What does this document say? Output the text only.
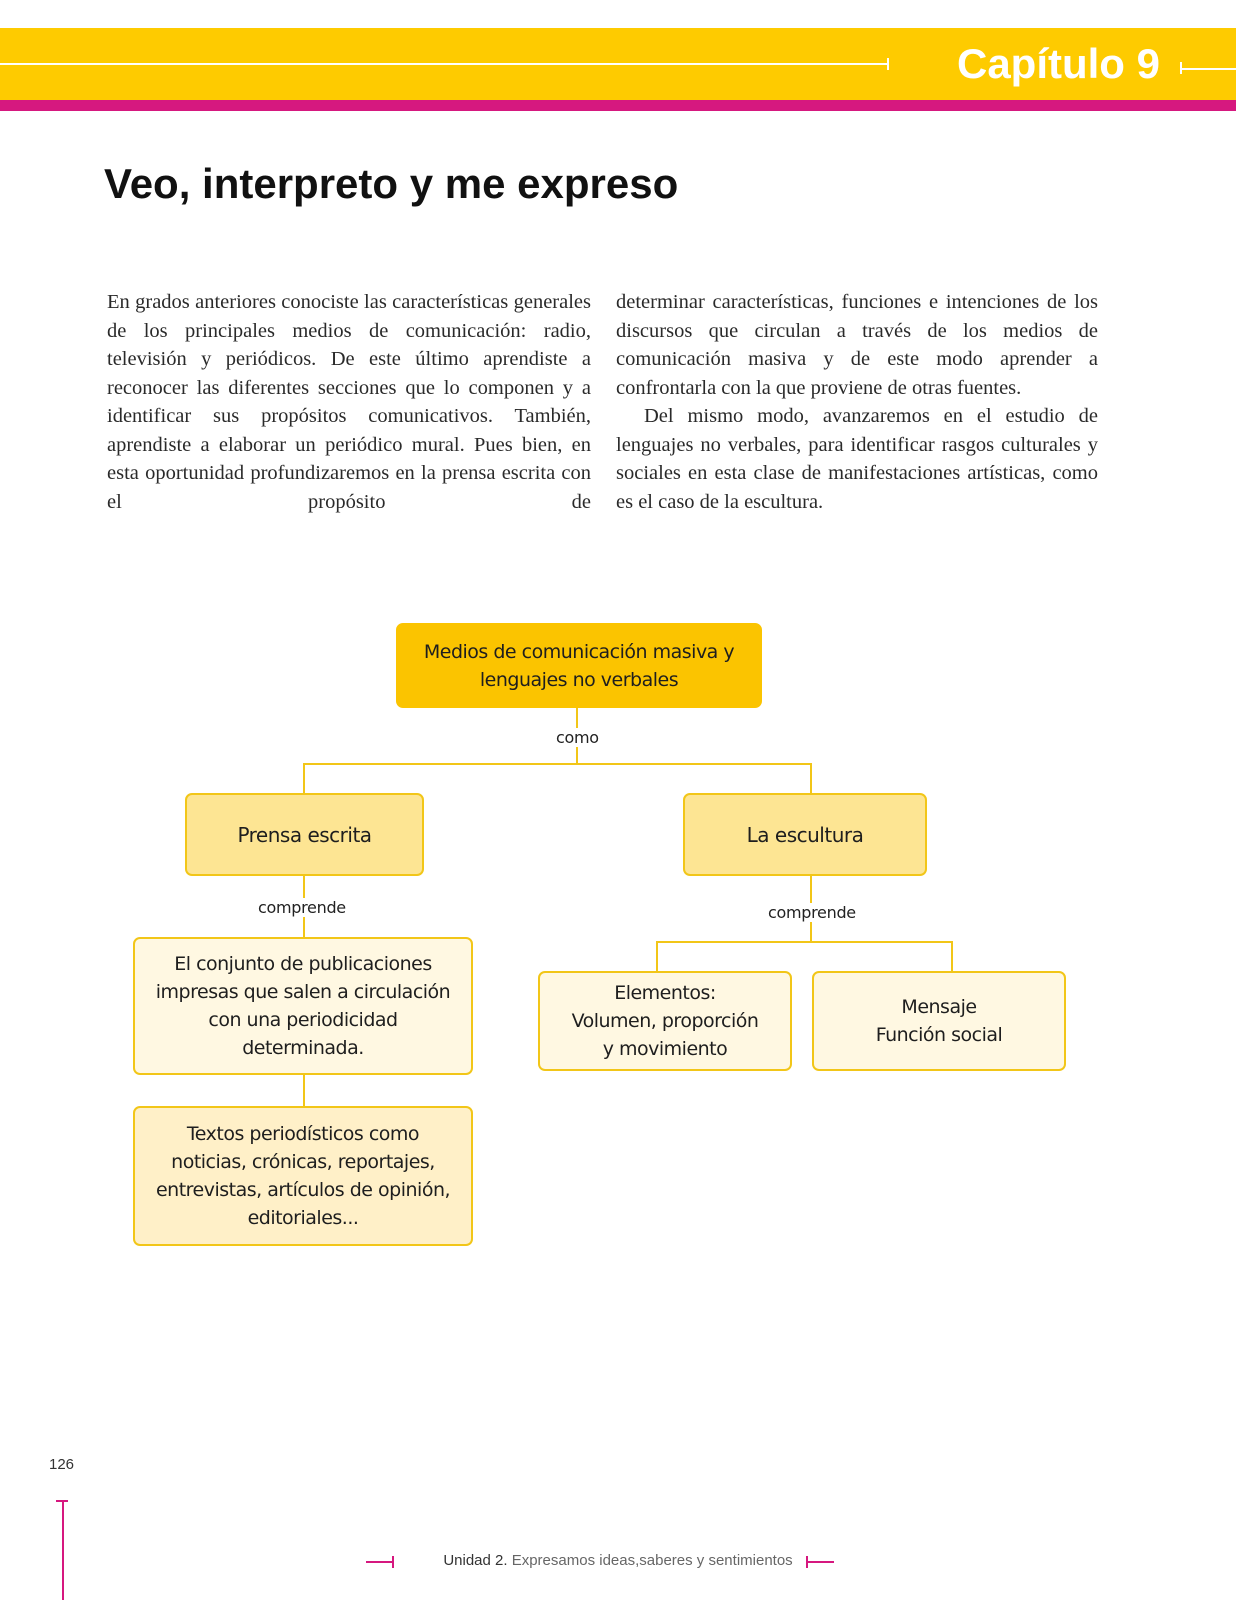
Capítulo 9
Veo, interpreto y me expreso

En grados anteriores conociste las características generales de los principales medios de comunicación: radio, televisión y periódicos. De este último aprendiste a reconocer las diferentes secciones que lo componen y a identificar sus propósitos comunicativos. También, aprendiste a elaborar un periódico mural. Pues bien, en esta oportunidad profundizaremos en la prensa escrita con el propósito de

determinar características, funciones e intenciones de los discursos que circulan a través de los medios de comunicación masiva y de este modo aprender a confrontarla con la que proviene de otras fuentes.

Del mismo modo, avanzaremos en el estudio de lenguajes no verbales, para identificar rasgos culturales y sociales en esta clase de manifestaciones artísticas, como es el caso de la escultura.

como
comprende	comprende
Medios de comunicación masiva y lenguajes no verbales
Prensa escrita	La escultura
El conjunto de publicaciones impresas que salen a circulación con una periodicidad determinada.
Textos periodísticos como noticias, crónicas, reportajes, entrevistas, artículos de opinión, editoriales...
Elementos: Volumen, proporción y movimiento
Mensaje Función social
126
Unidad 2. Expresamos ideas,saberes y sentimientos
